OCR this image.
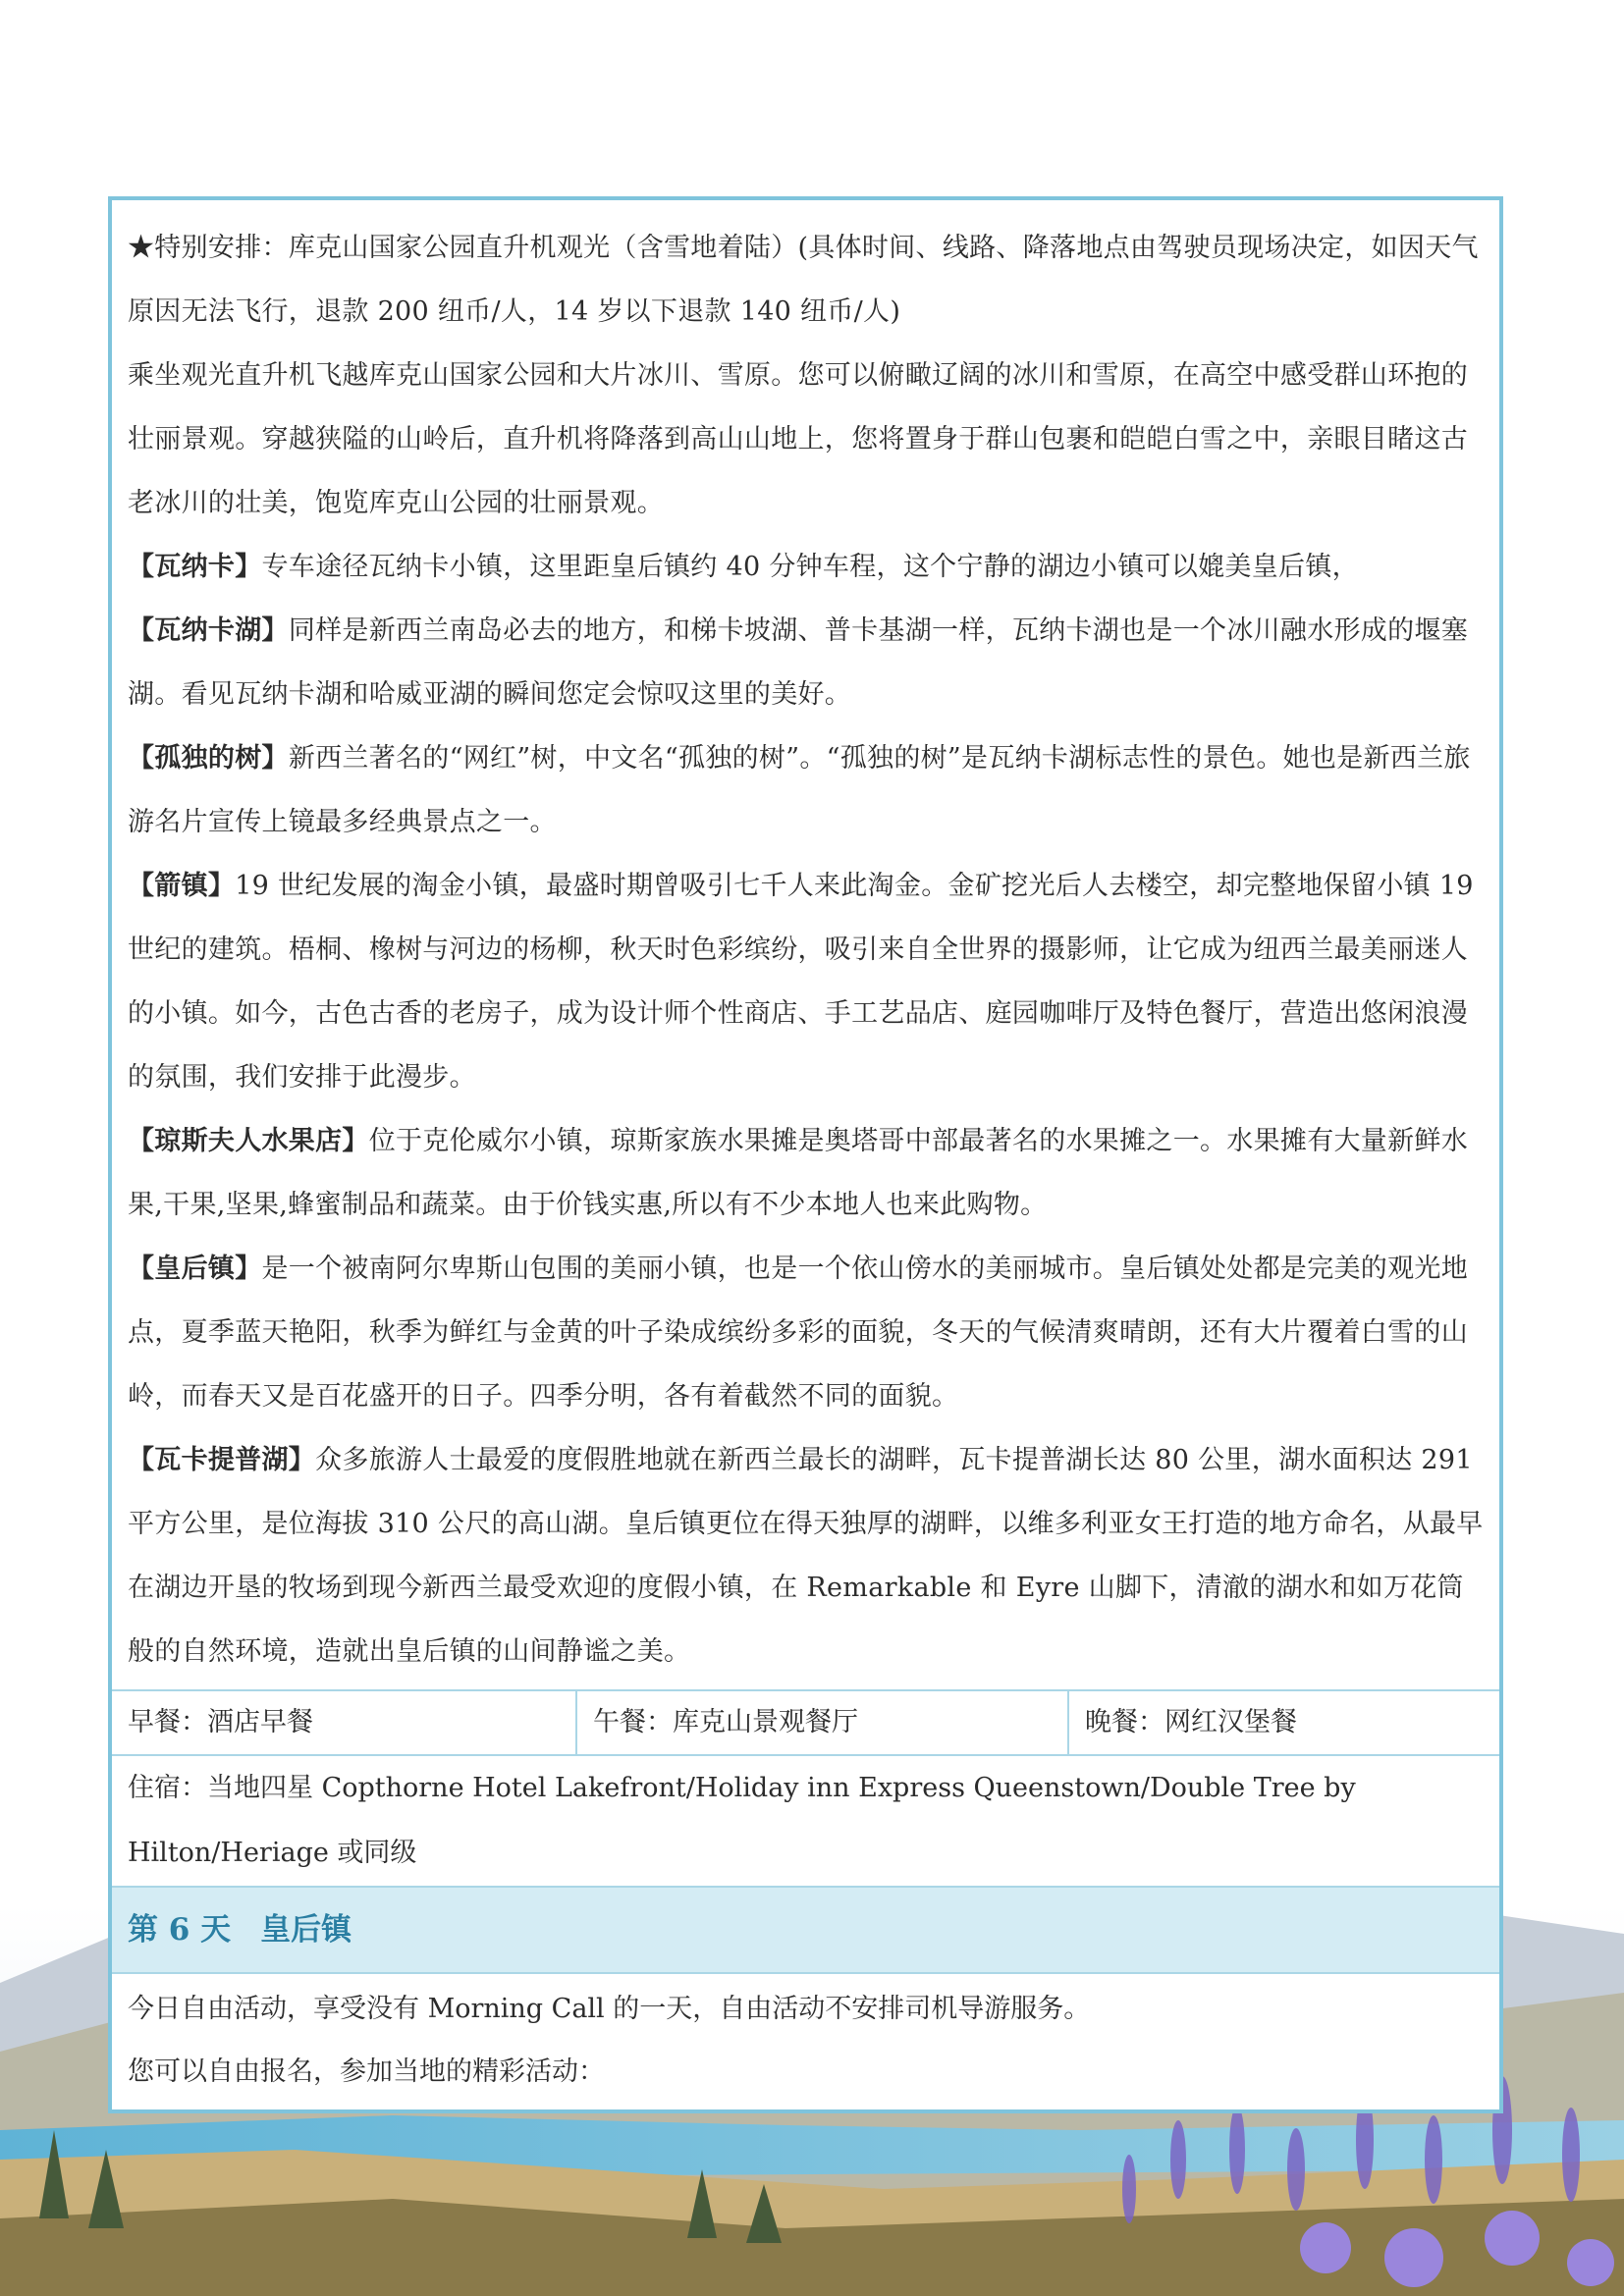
★特别安排：库克山国家公园直升机观光（含雪地着陆）(具体时间、线路、降落地点由驾驶员现场决定，如因天气原因无法飞行，退款 200 纽币/人，14 岁以下退款 140 纽币/人)

乘坐观光直升机飞越库克山国家公园和大片冰川、雪原。您可以俯瞰辽阔的冰川和雪原，在高空中感受群山环抱的壮丽景观。穿越狭隘的山岭后，直升机将降落到高山山地上，您将置身于群山包裹和皑皑白雪之中，亲眼目睹这古老冰川的壮美，饱览库克山公园的壮丽景观。

【瓦纳卡】专车途径瓦纳卡小镇，这里距皇后镇约 40 分钟车程，这个宁静的湖边小镇可以媲美皇后镇，

【瓦纳卡湖】同样是新西兰南岛必去的地方，和梯卡坡湖、普卡基湖一样，瓦纳卡湖也是一个冰川融水形成的堰塞湖。看见瓦纳卡湖和哈威亚湖的瞬间您定会惊叹这里的美好。

【孤独的树】新西兰著名的“网红”树，中文名“孤独的树”。“孤独的树”是瓦纳卡湖标志性的景色。她也是新西兰旅游名片宣传上镜最多经典景点之一。

【箭镇】19 世纪发展的淘金小镇，最盛时期曾吸引七千人来此淘金。金矿挖光后人去楼空，却完整地保留小镇 19 世纪的建筑。梧桐、橡树与河边的杨柳，秋天时色彩缤纷，吸引来自全世界的摄影师，让它成为纽西兰最美丽迷人的小镇。如今，古色古香的老房子，成为设计师个性商店、手工艺品店、庭园咖啡厅及特色餐厅，营造出悠闲浪漫的氛围，我们安排于此漫步。

【琼斯夫人水果店】位于克伦威尔小镇，琼斯家族水果摊是奥塔哥中部最著名的水果摊之一。水果摊有大量新鲜水果,干果,坚果,蜂蜜制品和蔬菜。由于价钱实惠,所以有不少本地人也来此购物。

【皇后镇】是一个被南阿尔卑斯山包围的美丽小镇，也是一个依山傍水的美丽城市。皇后镇处处都是完美的观光地点，夏季蓝天艳阳，秋季为鲜红与金黄的叶子染成缤纷多彩的面貌，冬天的气候清爽晴朗，还有大片覆着白雪的山岭，而春天又是百花盛开的日子。四季分明，各有着截然不同的面貌。

【瓦卡提普湖】众多旅游人士最爱的度假胜地就在新西兰最长的湖畔，瓦卡提普湖长达 80 公里，湖水面积达 291 平方公里，是位海拔 310 公尺的高山湖。皇后镇更位在得天独厚的湖畔，以维多利亚女王打造的地方命名，从最早在湖边开垦的牧场到现今新西兰最受欢迎的度假小镇，在 Remarkable 和 Eyre 山脚下，清澈的湖水和如万花筒般的自然环境，造就出皇后镇的山间静谧之美。

早餐：酒店早餐	午餐：库克山景观餐厅	晚餐：网红汉堡餐
住宿：当地四星 Copthorne Hotel Lakefront/Holiday inn Express Queenstown/Double Tree by Hilton/Heriage 或同级
第 6 天 皇后镇

今日自由活动，享受没有 Morning Call 的一天，自由活动不安排司机导游服务。

您可以自由报名，参加当地的精彩活动：
